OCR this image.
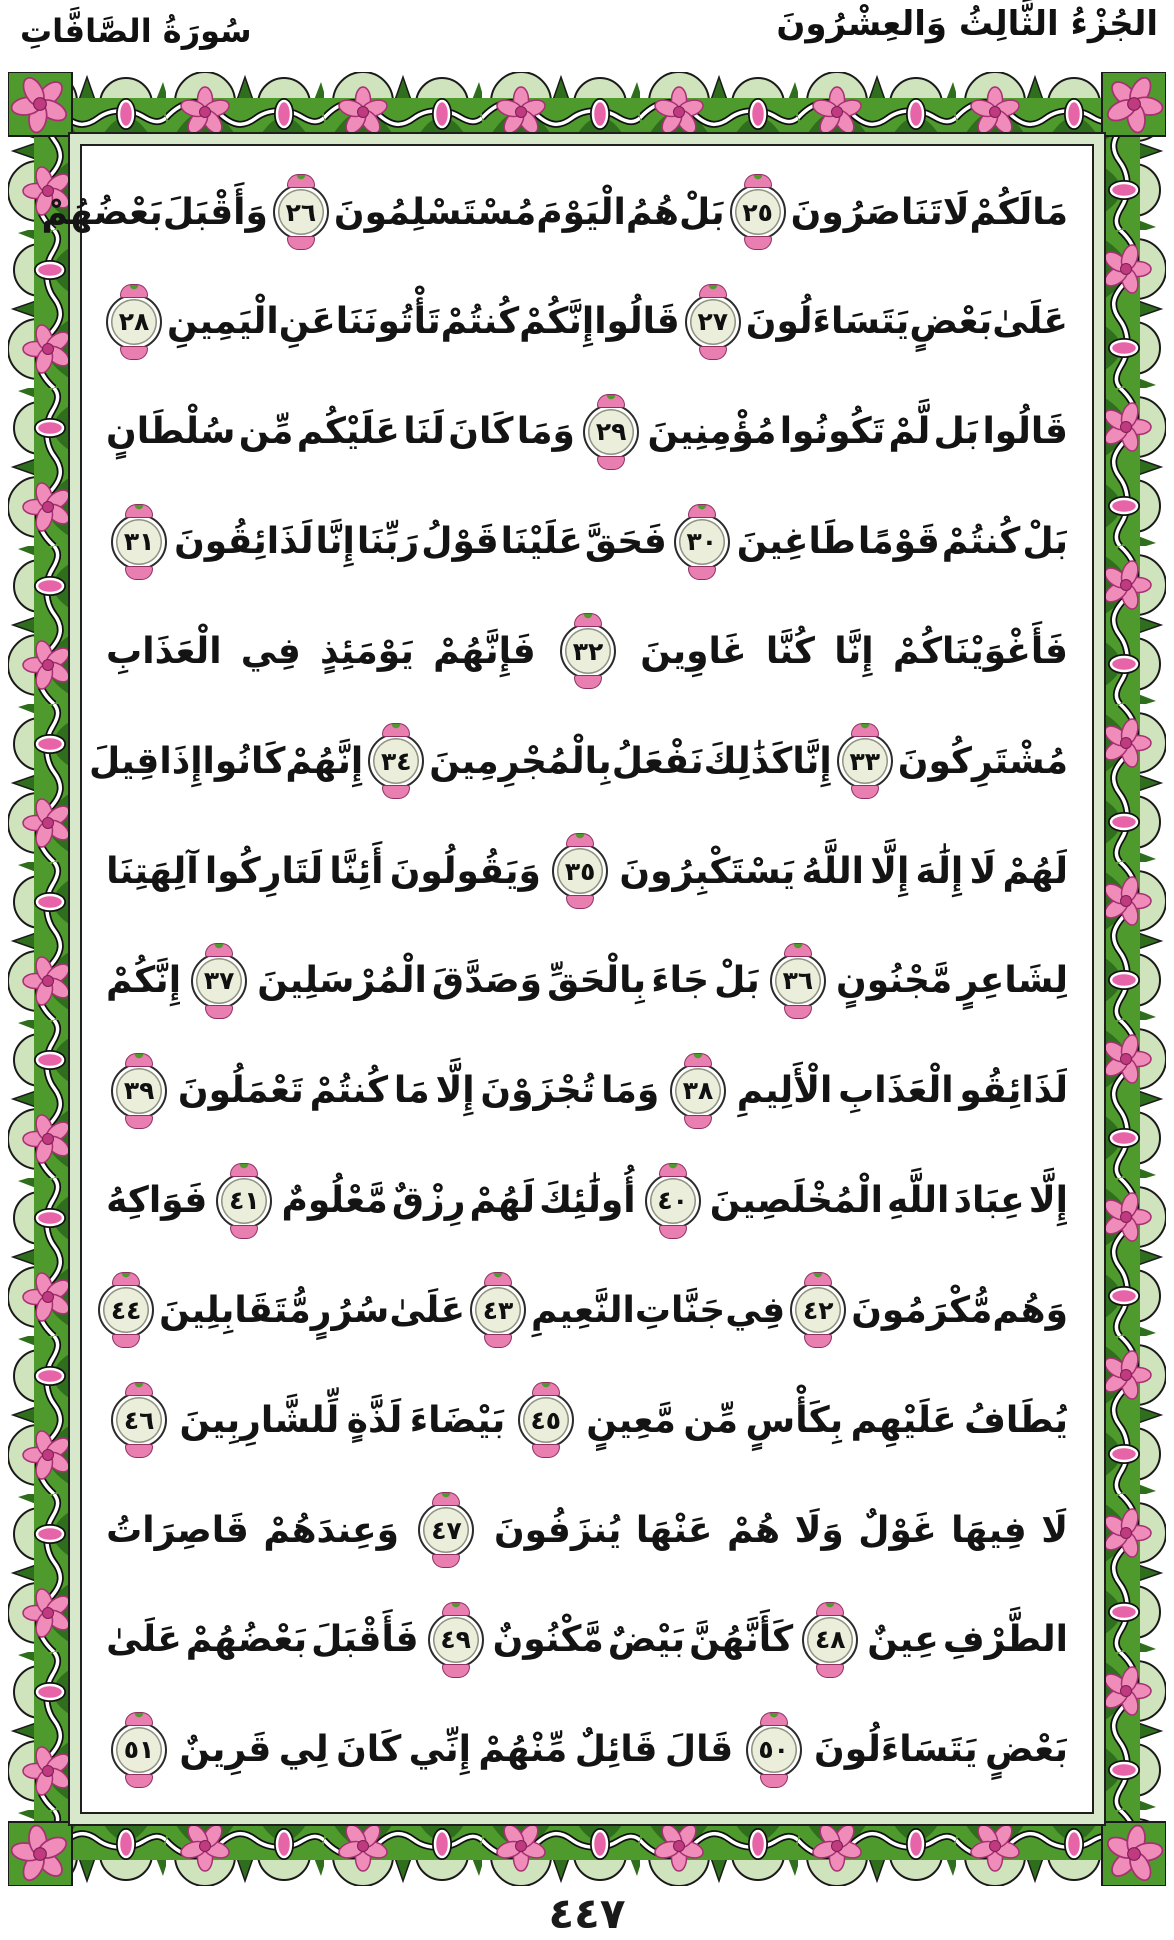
الجُزْءُ الثَّالِثُ وَالعِشْرُونَ
سُورَةُ الصَّافَّاتِ
مَا
لَكُمْ
لَا
تَنَاصَرُونَ
٢٥
بَلْ
هُمُ
الْيَوْمَ
مُسْتَسْلِمُونَ
٢٦
وَأَقْبَلَ
بَعْضُهُمْ
عَلَىٰ
بَعْضٍ
يَتَسَاءَلُونَ
٢٧
قَالُوا
إِنَّكُمْ
كُنتُمْ
تَأْتُونَنَا
عَنِ
الْيَمِينِ
٢٨
قَالُوا
بَل
لَّمْ
تَكُونُوا
مُؤْمِنِينَ
٢٩
وَمَا
كَانَ
لَنَا
عَلَيْكُم
مِّن
سُلْطَانٍ
بَلْ
كُنتُمْ
قَوْمًا
طَاغِينَ
٣٠
فَحَقَّ
عَلَيْنَا
قَوْلُ
رَبِّنَا
إِنَّا
لَذَائِقُونَ
٣١
فَأَغْوَيْنَاكُمْ
إِنَّا
كُنَّا
غَاوِينَ
٣٢
فَإِنَّهُمْ
يَوْمَئِذٍ
فِي
الْعَذَابِ
مُشْتَرِكُونَ
٣٣
إِنَّا
كَذَٰلِكَ
نَفْعَلُ
بِالْمُجْرِمِينَ
٣٤
إِنَّهُمْ
كَانُوا
إِذَا
قِيلَ
لَهُمْ
لَا
إِلَٰهَ
إِلَّا
اللَّهُ
يَسْتَكْبِرُونَ
٣٥
وَيَقُولُونَ
أَئِنَّا
لَتَارِكُوا
آلِهَتِنَا
لِشَاعِرٍ
مَّجْنُونٍ
٣٦
بَلْ
جَاءَ
بِالْحَقِّ
وَصَدَّقَ
الْمُرْسَلِينَ
٣٧
إِنَّكُمْ
لَذَائِقُو
الْعَذَابِ
الْأَلِيمِ
٣٨
وَمَا
تُجْزَوْنَ
إِلَّا
مَا
كُنتُمْ
تَعْمَلُونَ
٣٩
إِلَّا
عِبَادَ
اللَّهِ
الْمُخْلَصِينَ
٤٠
أُولَٰئِكَ
لَهُمْ
رِزْقٌ
مَّعْلُومٌ
٤١
فَوَاكِهُ
وَهُم
مُّكْرَمُونَ
٤٢
فِي
جَنَّاتِ
النَّعِيمِ
٤٣
عَلَىٰ
سُرُرٍ
مُّتَقَابِلِينَ
٤٤
يُطَافُ
عَلَيْهِم
بِكَأْسٍ
مِّن
مَّعِينٍ
٤٥
بَيْضَاءَ
لَذَّةٍ
لِّلشَّارِبِينَ
٤٦
لَا
فِيهَا
غَوْلٌ
وَلَا
هُمْ
عَنْهَا
يُنزَفُونَ
٤٧
وَعِندَهُمْ
قَاصِرَاتُ
الطَّرْفِ
عِينٌ
٤٨
كَأَنَّهُنَّ
بَيْضٌ
مَّكْنُونٌ
٤٩
فَأَقْبَلَ
بَعْضُهُمْ
عَلَىٰ
بَعْضٍ
يَتَسَاءَلُونَ
٥٠
قَالَ
قَائِلٌ
مِّنْهُمْ
إِنِّي
كَانَ
لِي
قَرِينٌ
٥١
٤٤٧
